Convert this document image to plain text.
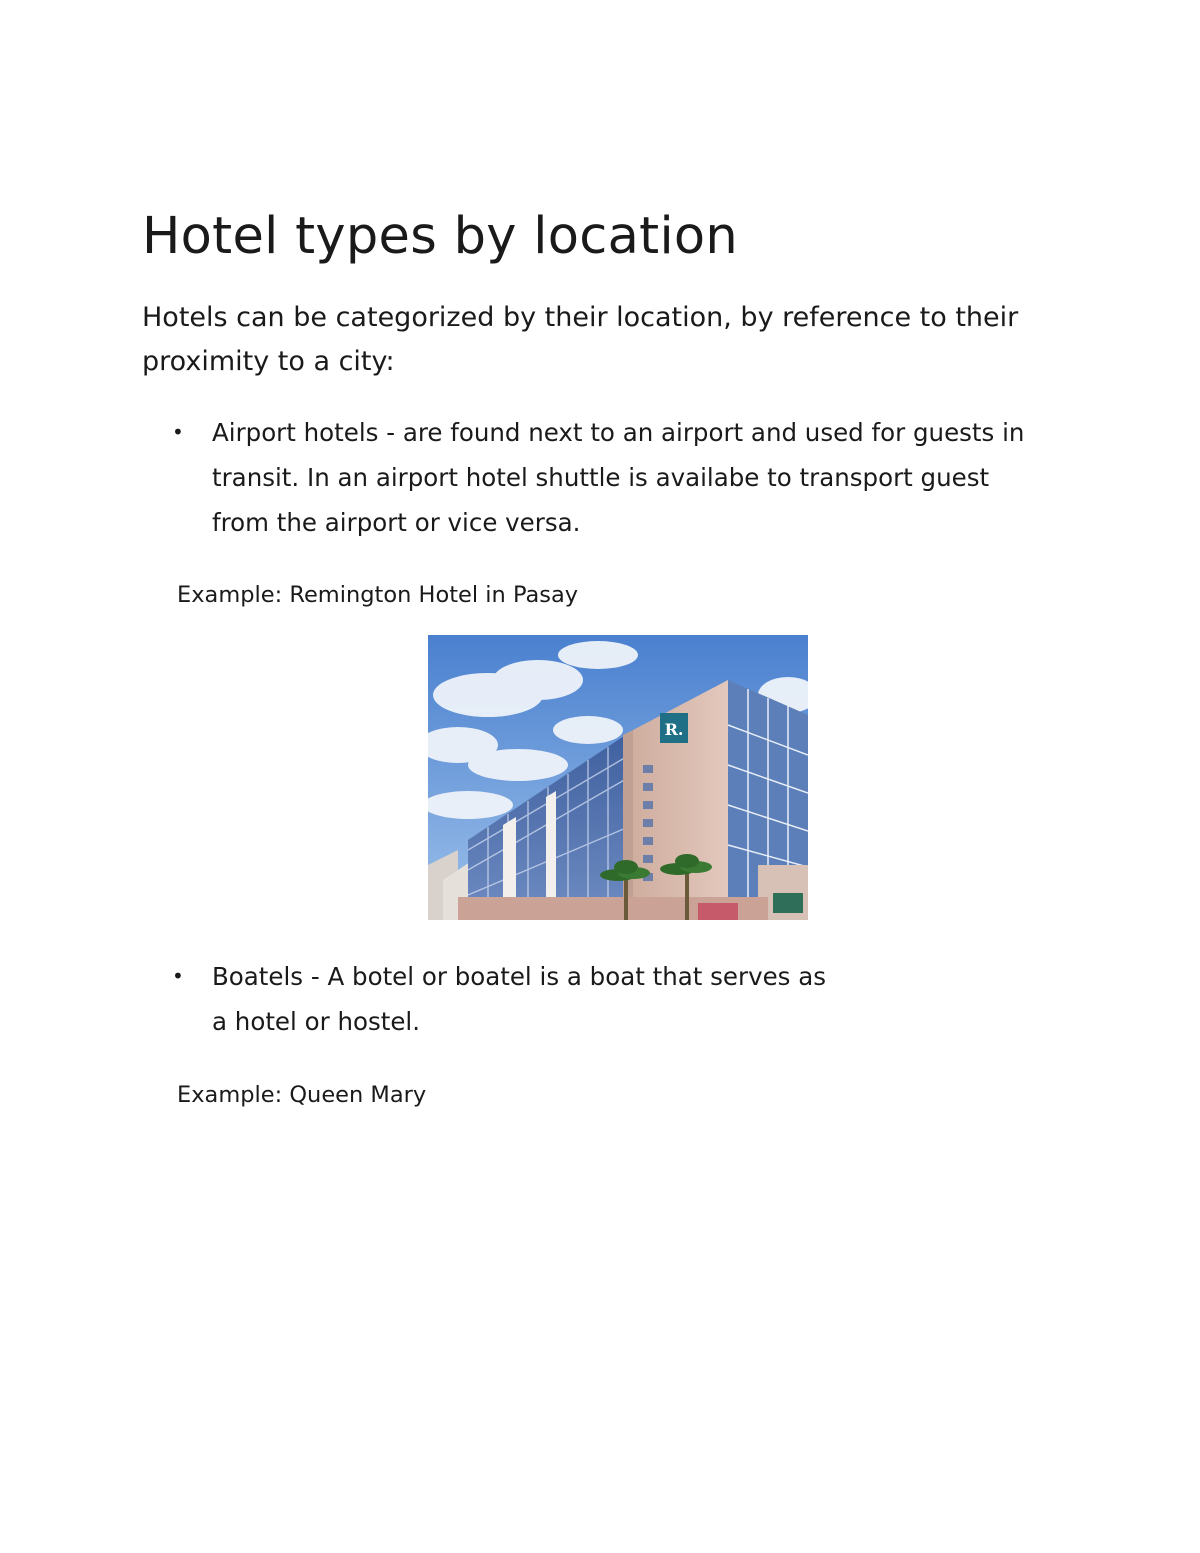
Hotel types by location

Hotels can be categorized by their location, by reference to their proximity to a city:

•	Airport hotels - are found next to an airport and used for guests in
transit. In an airport hotel shuttle is availabe to transport guest
from the airport or vice versa.

Example: Remington Hotel in Pasay

R.
•	Boatels - A botel or boatel is a boat that serves as
a hotel or hostel.

Example: Queen Mary
